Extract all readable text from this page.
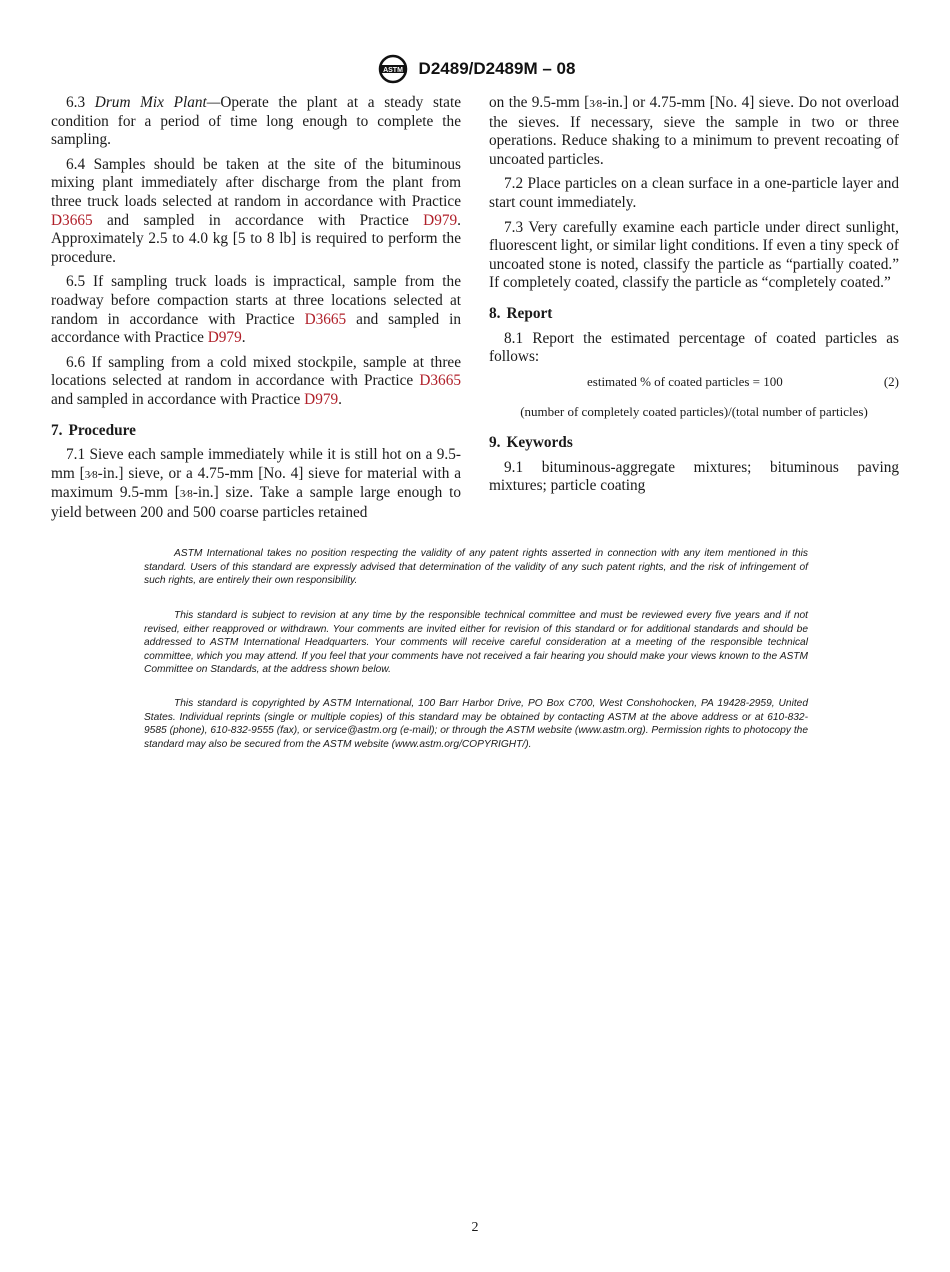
ASTM D2489/D2489M – 08

6.3 Drum Mix Plant—Operate the plant at a steady state condition for a period of time long enough to complete the sampling.

6.4 Samples should be taken at the site of the bituminous mixing plant immediately after discharge from the plant from three truck loads selected at random in accordance with Practice D3665 and sampled in accordance with Practice D979. Approximately 2.5 to 4.0 kg [5 to 8 lb] is required to perform the procedure.

6.5 If sampling truck loads is impractical, sample from the roadway before compaction starts at three locations selected at random in accordance with Practice D3665 and sampled in accordance with Practice D979.

6.6 If sampling from a cold mixed stockpile, sample at three locations selected at random in accordance with Practice D3665 and sampled in accordance with Practice D979.

7. Procedure

7.1 Sieve each sample immediately while it is still hot on a 9.5-mm [3⁄8-in.] sieve, or a 4.75-mm [No. 4] sieve for material with a maximum 9.5-mm [3⁄8-in.] size. Take a sample large enough to yield between 200 and 500 coarse particles retained

on the 9.5-mm [3⁄8-in.] or 4.75-mm [No. 4] sieve. Do not overload the sieves. If necessary, sieve the sample in two or three operations. Reduce shaking to a minimum to prevent recoating of uncoated particles.

7.2 Place particles on a clean surface in a one-particle layer and start count immediately.

7.3 Very carefully examine each particle under direct sunlight, fluorescent light, or similar light conditions. If even a tiny speck of uncoated stone is noted, classify the particle as “partially coated.” If completely coated, classify the particle as “completely coated.”

8. Report

8.1 Report the estimated percentage of coated particles as follows:

estimated % of coated particles = 100	(2)
(number of completely coated particles)/(total number of particles)
9. Keywords

9.1 bituminous-aggregate mixtures; bituminous paving mixtures; particle coating

ASTM International takes no position respecting the validity of any patent rights asserted in connection with any item mentioned in this standard. Users of this standard are expressly advised that determination of the validity of any such patent rights, and the risk of infringement of such rights, are entirely their own responsibility.

This standard is subject to revision at any time by the responsible technical committee and must be reviewed every five years and if not revised, either reapproved or withdrawn. Your comments are invited either for revision of this standard or for additional standards and should be addressed to ASTM International Headquarters. Your comments will receive careful consideration at a meeting of the responsible technical committee, which you may attend. If you feel that your comments have not received a fair hearing you should make your views known to the ASTM Committee on Standards, at the address shown below.

This standard is copyrighted by ASTM International, 100 Barr Harbor Drive, PO Box C700, West Conshohocken, PA 19428-2959, United States. Individual reprints (single or multiple copies) of this standard may be obtained by contacting ASTM at the above address or at 610-832-9585 (phone), 610-832-9555 (fax), or service@astm.org (e-mail); or through the ASTM website (www.astm.org). Permission rights to photocopy the standard may also be secured from the ASTM website (www.astm.org/COPYRIGHT/).

2
